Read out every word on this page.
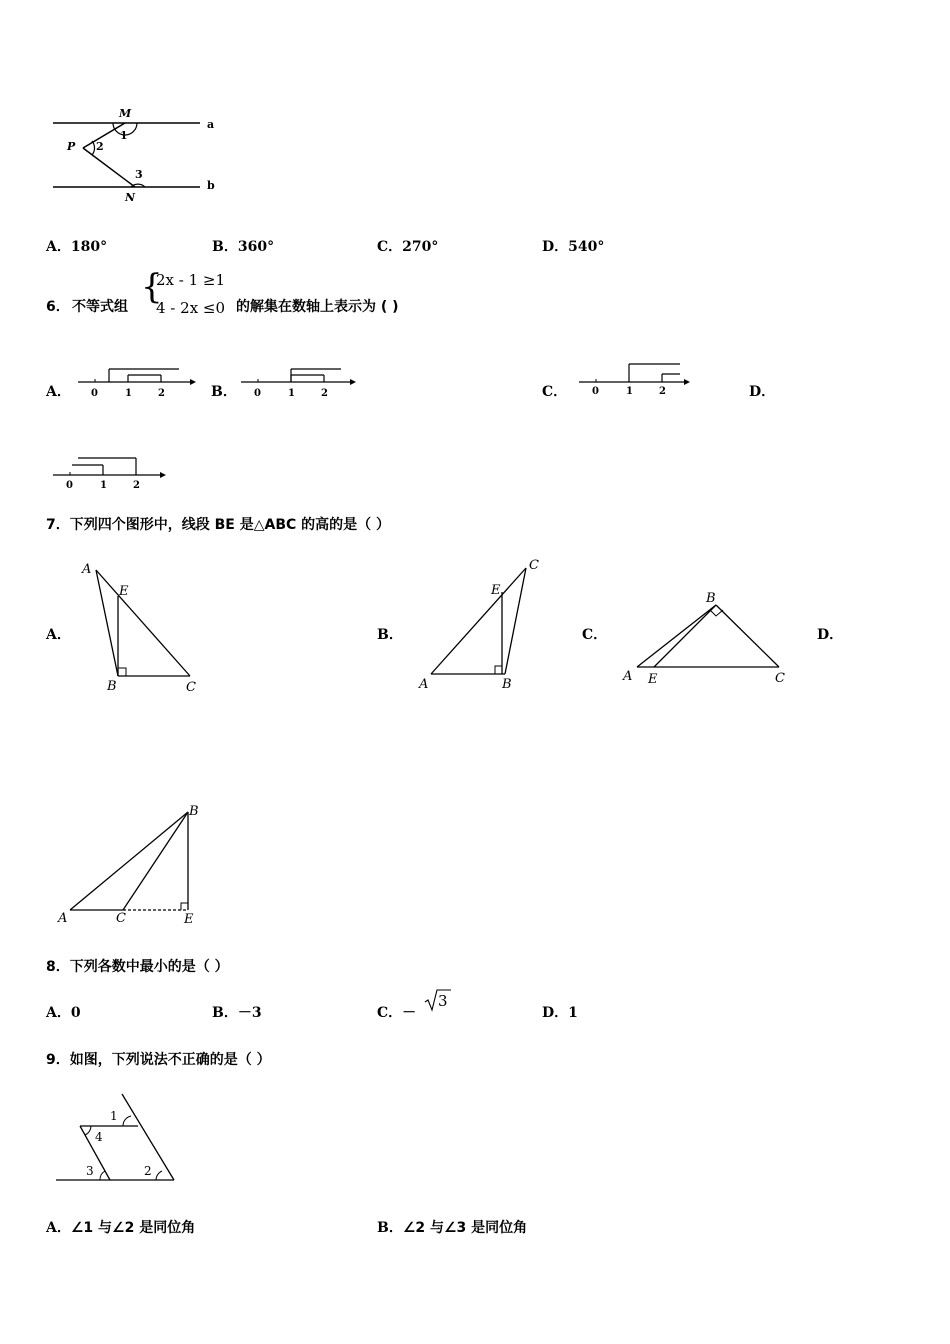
M
a
1
P 2
3
b
N
A．180°	B．360°	C．270°	D．540°
6． 不等式组 {
2x - 1 ≥1
4 - 2x ≤0 的解集在数轴上表示为 ( )
A．	B．	C．	D．
0	1	2	0	1	2	0	1	2
0	1	2
7．下列四个图形中，线段 BE 是△ABC 的高的是（ ）
A．	B．	C．	D．
A
E
B	C
C
E
A	B
B
A E	C
B
A	C	E
8．下列各数中最小的是（ ）
A．0	B．－3	C．－
3
D．1
9．如图，下列说法不正确的是（ ）
1
4
3	2
A．∠1 与∠2 是同位角	B．∠2 与∠3 是同位角
